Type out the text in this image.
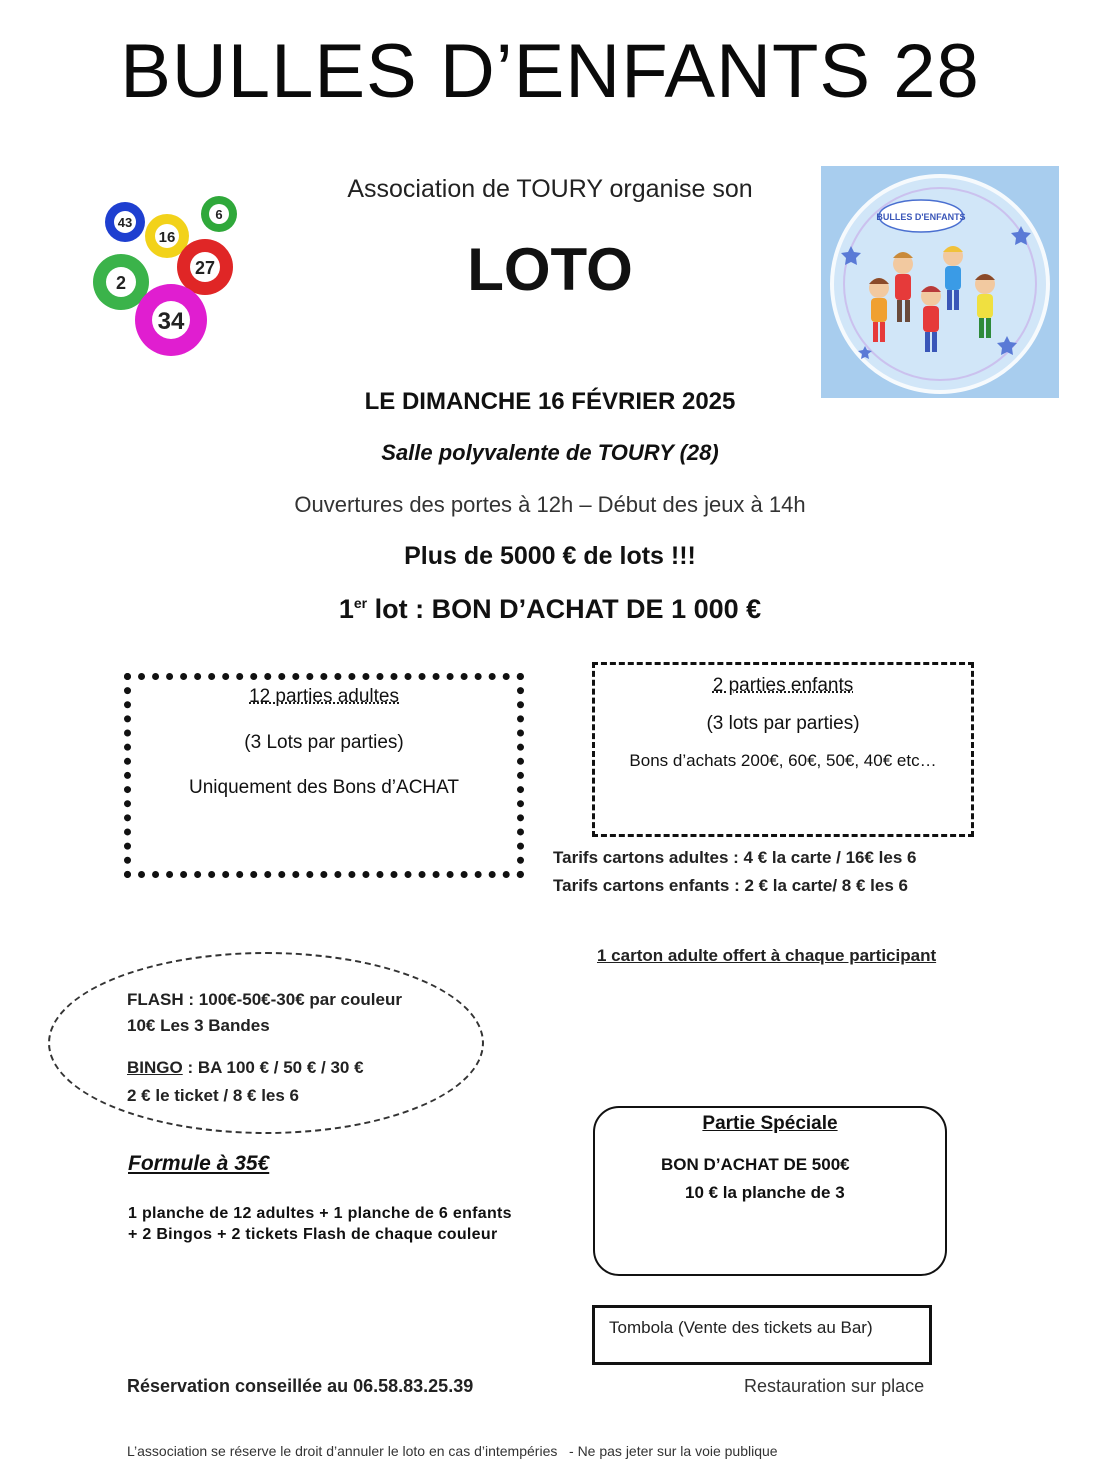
BULLES D’ENFANTS 28
43
6
16
27
2
34
Association de TOURY organise son
LOTO
BULLES D'ENFANTS
LE DIMANCHE 16 FÉVRIER 2025
Salle polyvalente de TOURY (28)
Ouvertures des portes à 12h – Début des jeux à 14h
Plus de 5000 € de lots !!!
1er lot : BON D’ACHAT DE 1 000 €
12 parties adultes
(3 Lots par parties)
Uniquement des Bons d’ACHAT
2 parties enfants
(3 lots par parties)
Bons d’achats 200€, 60€, 50€, 40€ etc…
Tarifs cartons adultes : 4 € la carte / 16€ les 6
Tarifs cartons enfants : 2 € la carte/ 8 € les 6
1 carton adulte offert à chaque participant
FLASH : 100€-50€-30€ par couleur
10€ Les 3 Bandes
BINGO : BA 100 € / 50 € / 30 €
2 € le ticket / 8 € les 6
Formule à 35€
1 planche de 12 adultes + 1 planche de 6 enfants
+ 2 Bingos + 2 tickets Flash de chaque couleur
Partie Spéciale
BON D’ACHAT DE 500€
10 € la planche de 3
Tombola (Vente des tickets au Bar)
Réservation conseillée au 06.58.83.25.39	Restauration sur place
L’association se réserve le droit d’annuler le loto en cas d’intempéries   - Ne pas jeter sur la voie publique
